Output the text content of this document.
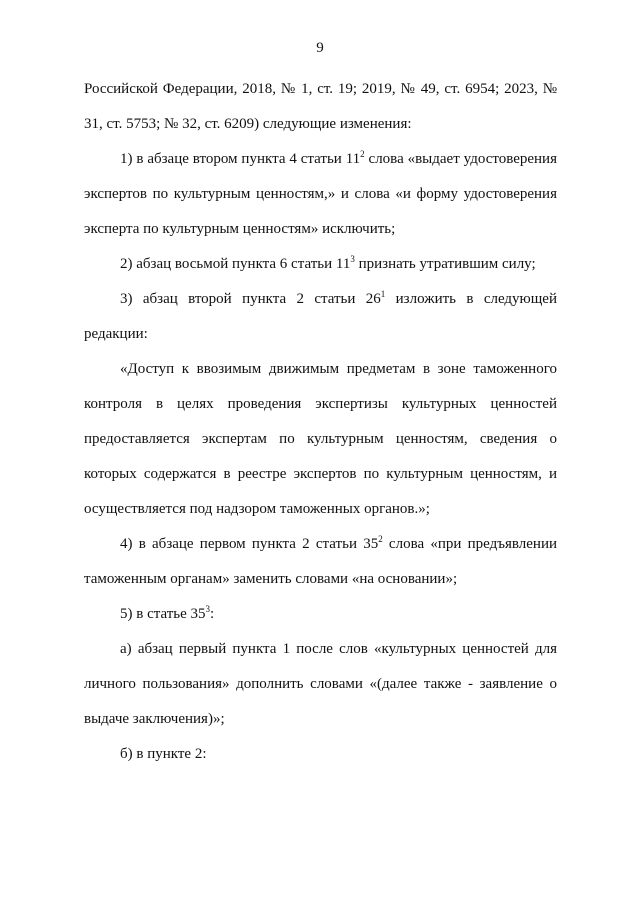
9

Российской Федерации, 2018, № 1, ст. 19; 2019, № 49, ст. 6954; 2023, № 31, ст. 5753; № 32, ст. 6209) следующие изменения:

1) в абзаце втором пункта 4 статьи $11^2$ слова «выдает удостоверения экспертов по культурным ценностям,» и слова «и форму удостоверения эксперта по культурным ценностям» исключить;

2) абзац восьмой пункта 6 статьи $11^3$ признать утратившим силу;

3) абзац второй пункта 2 статьи $26^1$ изложить в следующей редакции:

«Доступ к ввозимым движимым предметам в зоне таможенного контроля в целях проведения экспертизы культурных ценностей предоставляется экспертам по культурным ценностям, сведения о которых содержатся в реестре экспертов по культурным ценностям, и осуществляется под надзором таможенных органов.»;

4) в абзаце первом пункта 2 статьи $35^2$ слова «при предъявлении таможенным органам» заменить словами «на основании»;

5) в статье $35^3$:

а) абзац первый пункта 1 после слов «культурных ценностей для личного пользования» дополнить словами «(далее также - заявление о выдаче заключения)»;

б) в пункте 2:
